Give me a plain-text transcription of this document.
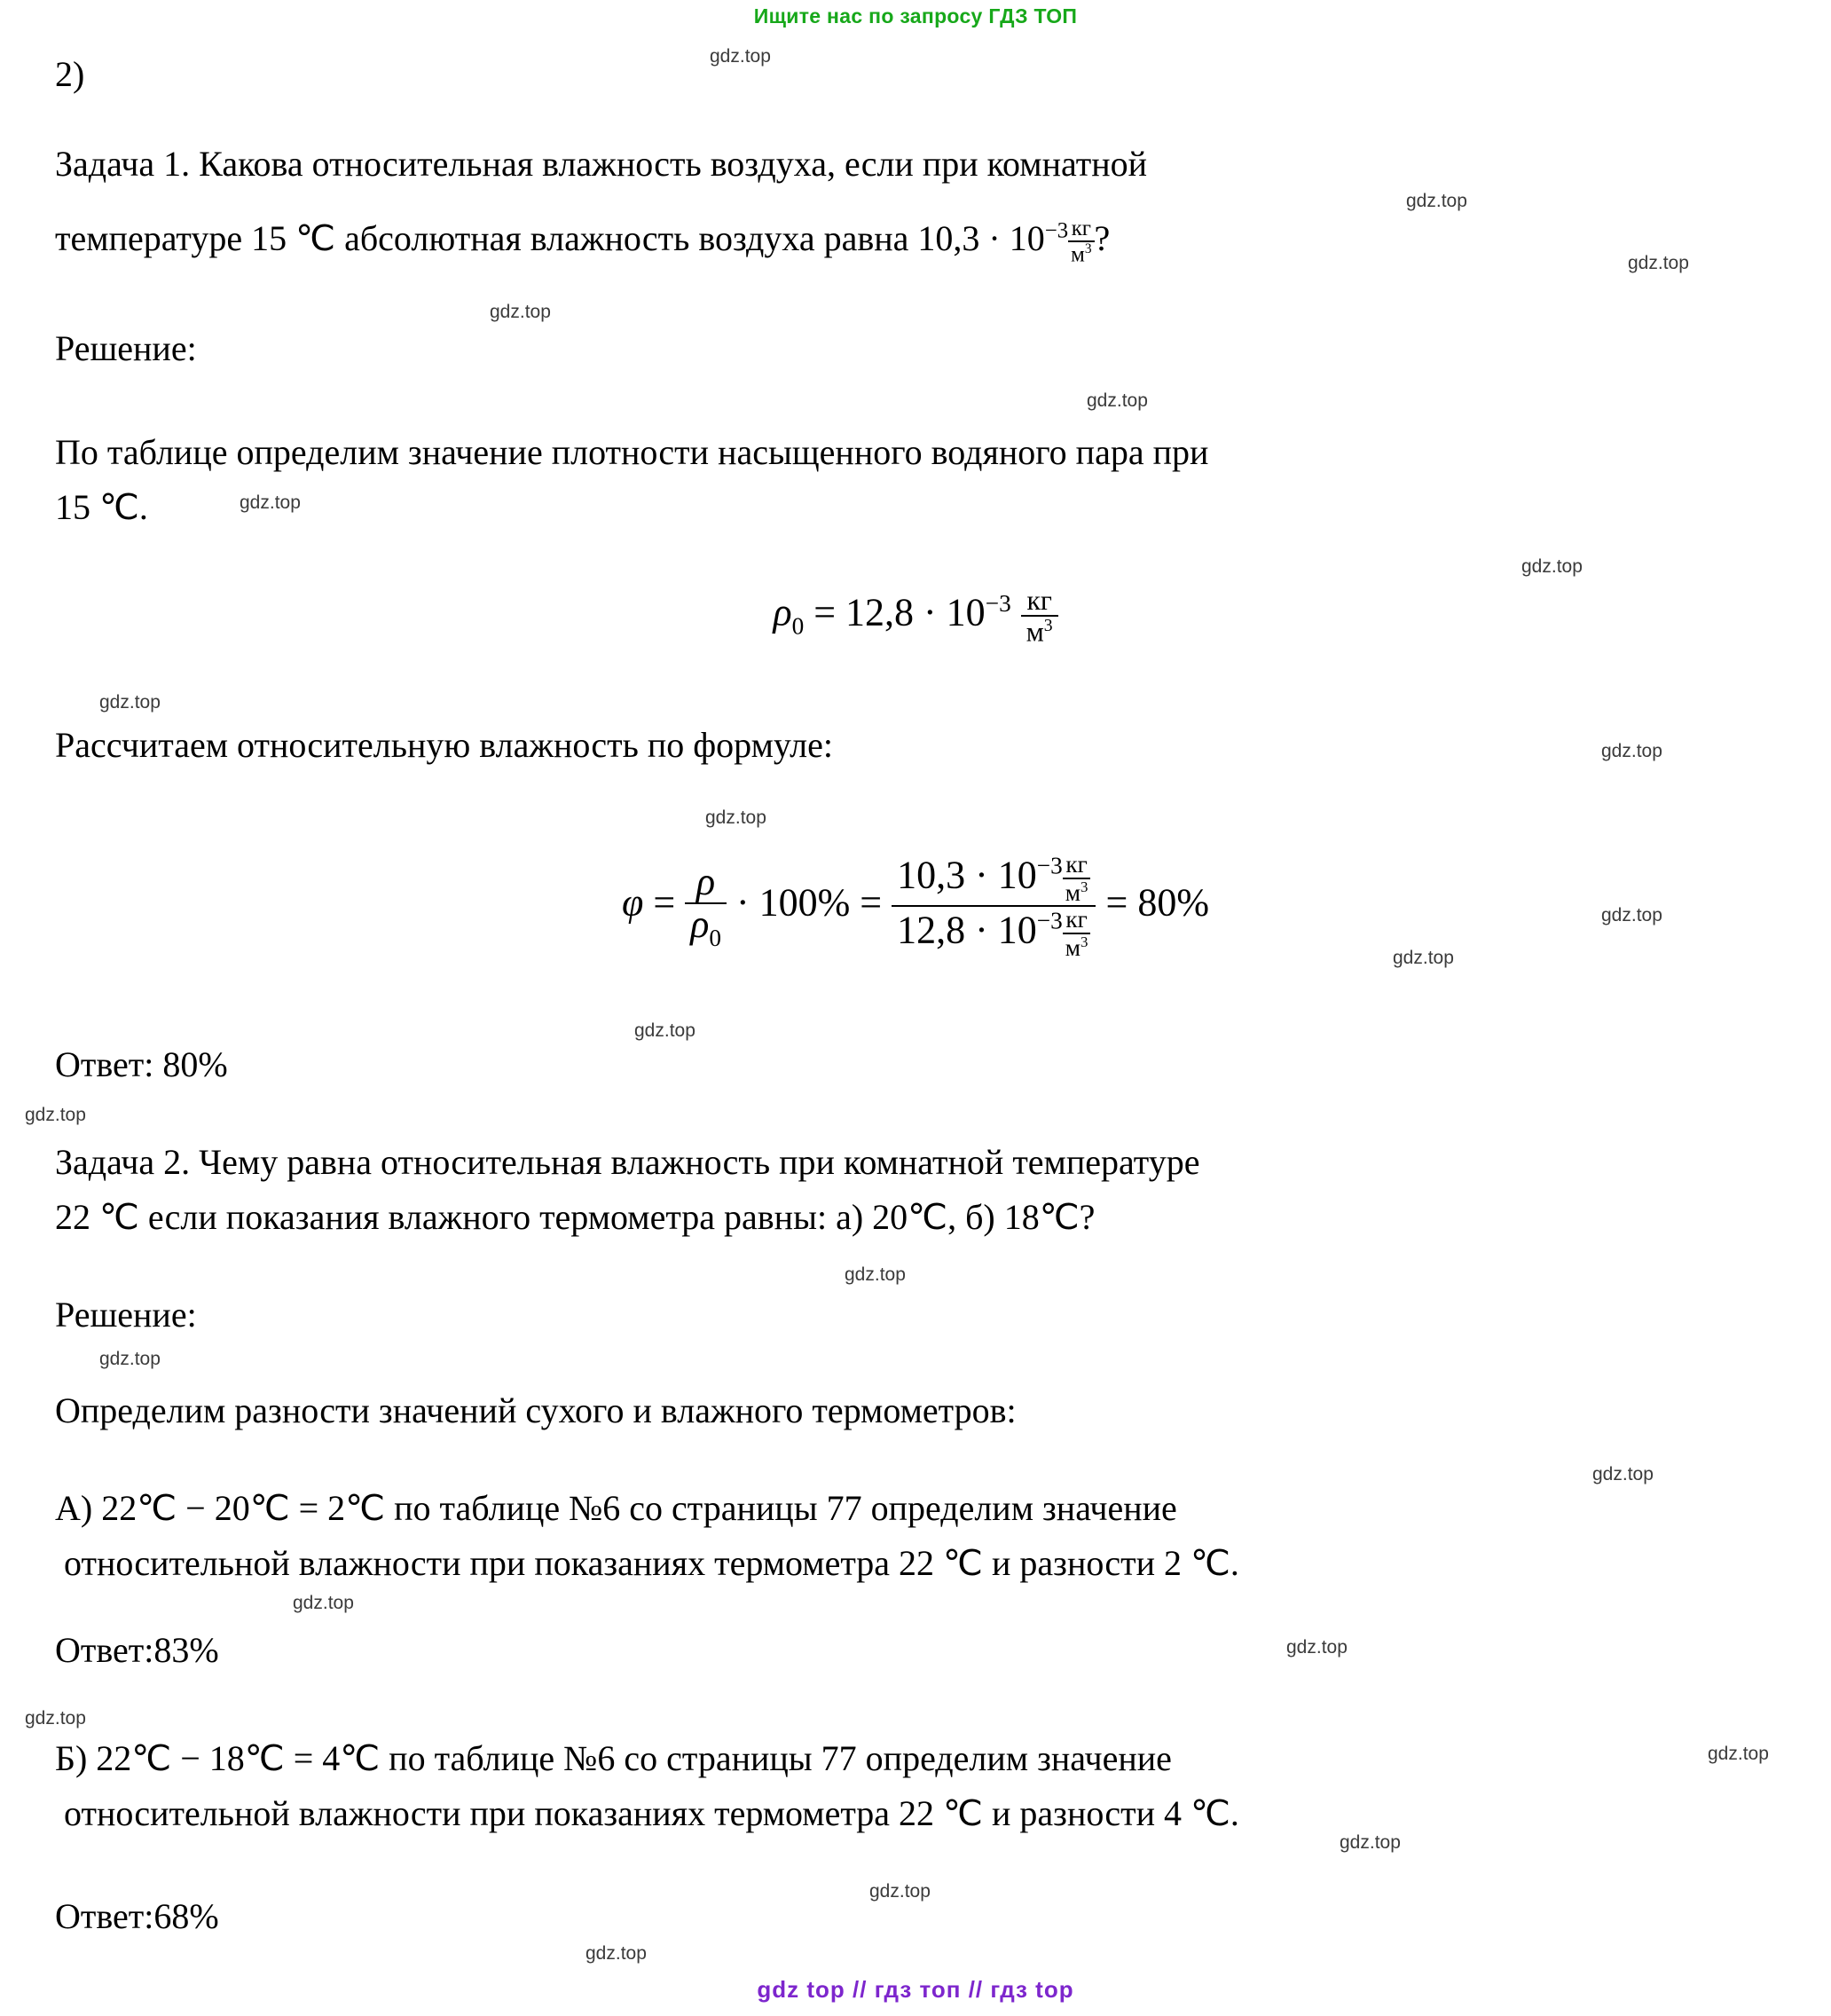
Ищите нас по запросу ГДЗ ТОП
2)
Задача 1. Какова относительная влажность воздуха, если при комнатной
температуре 15 ℃ абсолютная влажность воздуха равна $10,3 \cdot 10^{-3}$ кг
$м^3$ ?
Решение:
По таблице определим значение плотности насыщенного водяного пара при
15 ℃.
$\rho_0 = 12,8 \cdot 10^{-3} \frac{кг}{м^3}$
Рассчитаем относительную влажность по формуле:
$\varphi = \frac{\rho}{\rho_0} \cdot 100\% = 10,3 \cdot 10^{-3}$ кг
$м^3$
$12,8 \cdot 10^{-3}$ кг
$м^3 = 80\%$
Ответ: 80%
Задача 2. Чему равна относительная влажность при комнатной температуре
22 ℃ если показания влажного термометра равны: а) 20℃, б) 18℃?
Решение:
Определим разности значений сухого и влажного термометров:
А) 22℃ − 20℃ = 2℃ по таблице №6 со страницы 77 определим значение
относительной влажности при показаниях термометра 22 ℃ и разности 2 ℃.
Ответ:83%
Б) 22℃ − 18℃ = 4℃ по таблице №6 со страницы 77 определим значение
относительной влажности при показаниях термометра 22 ℃ и разности 4 ℃.
Ответ:68%
gdz.top
gdz.top
gdz.top
gdz.top
gdz.top
gdz.top
gdz.top
gdz.top
gdz.top
gdz.top
gdz.top
gdz.top
gdz.top
gdz.top
gdz.top
gdz.top
gdz.top
gdz.top
gdz.top
gdz.top
gdz.top
gdz.top
gdz.top
gdz.top
gdz top // гдз топ // гдз top
